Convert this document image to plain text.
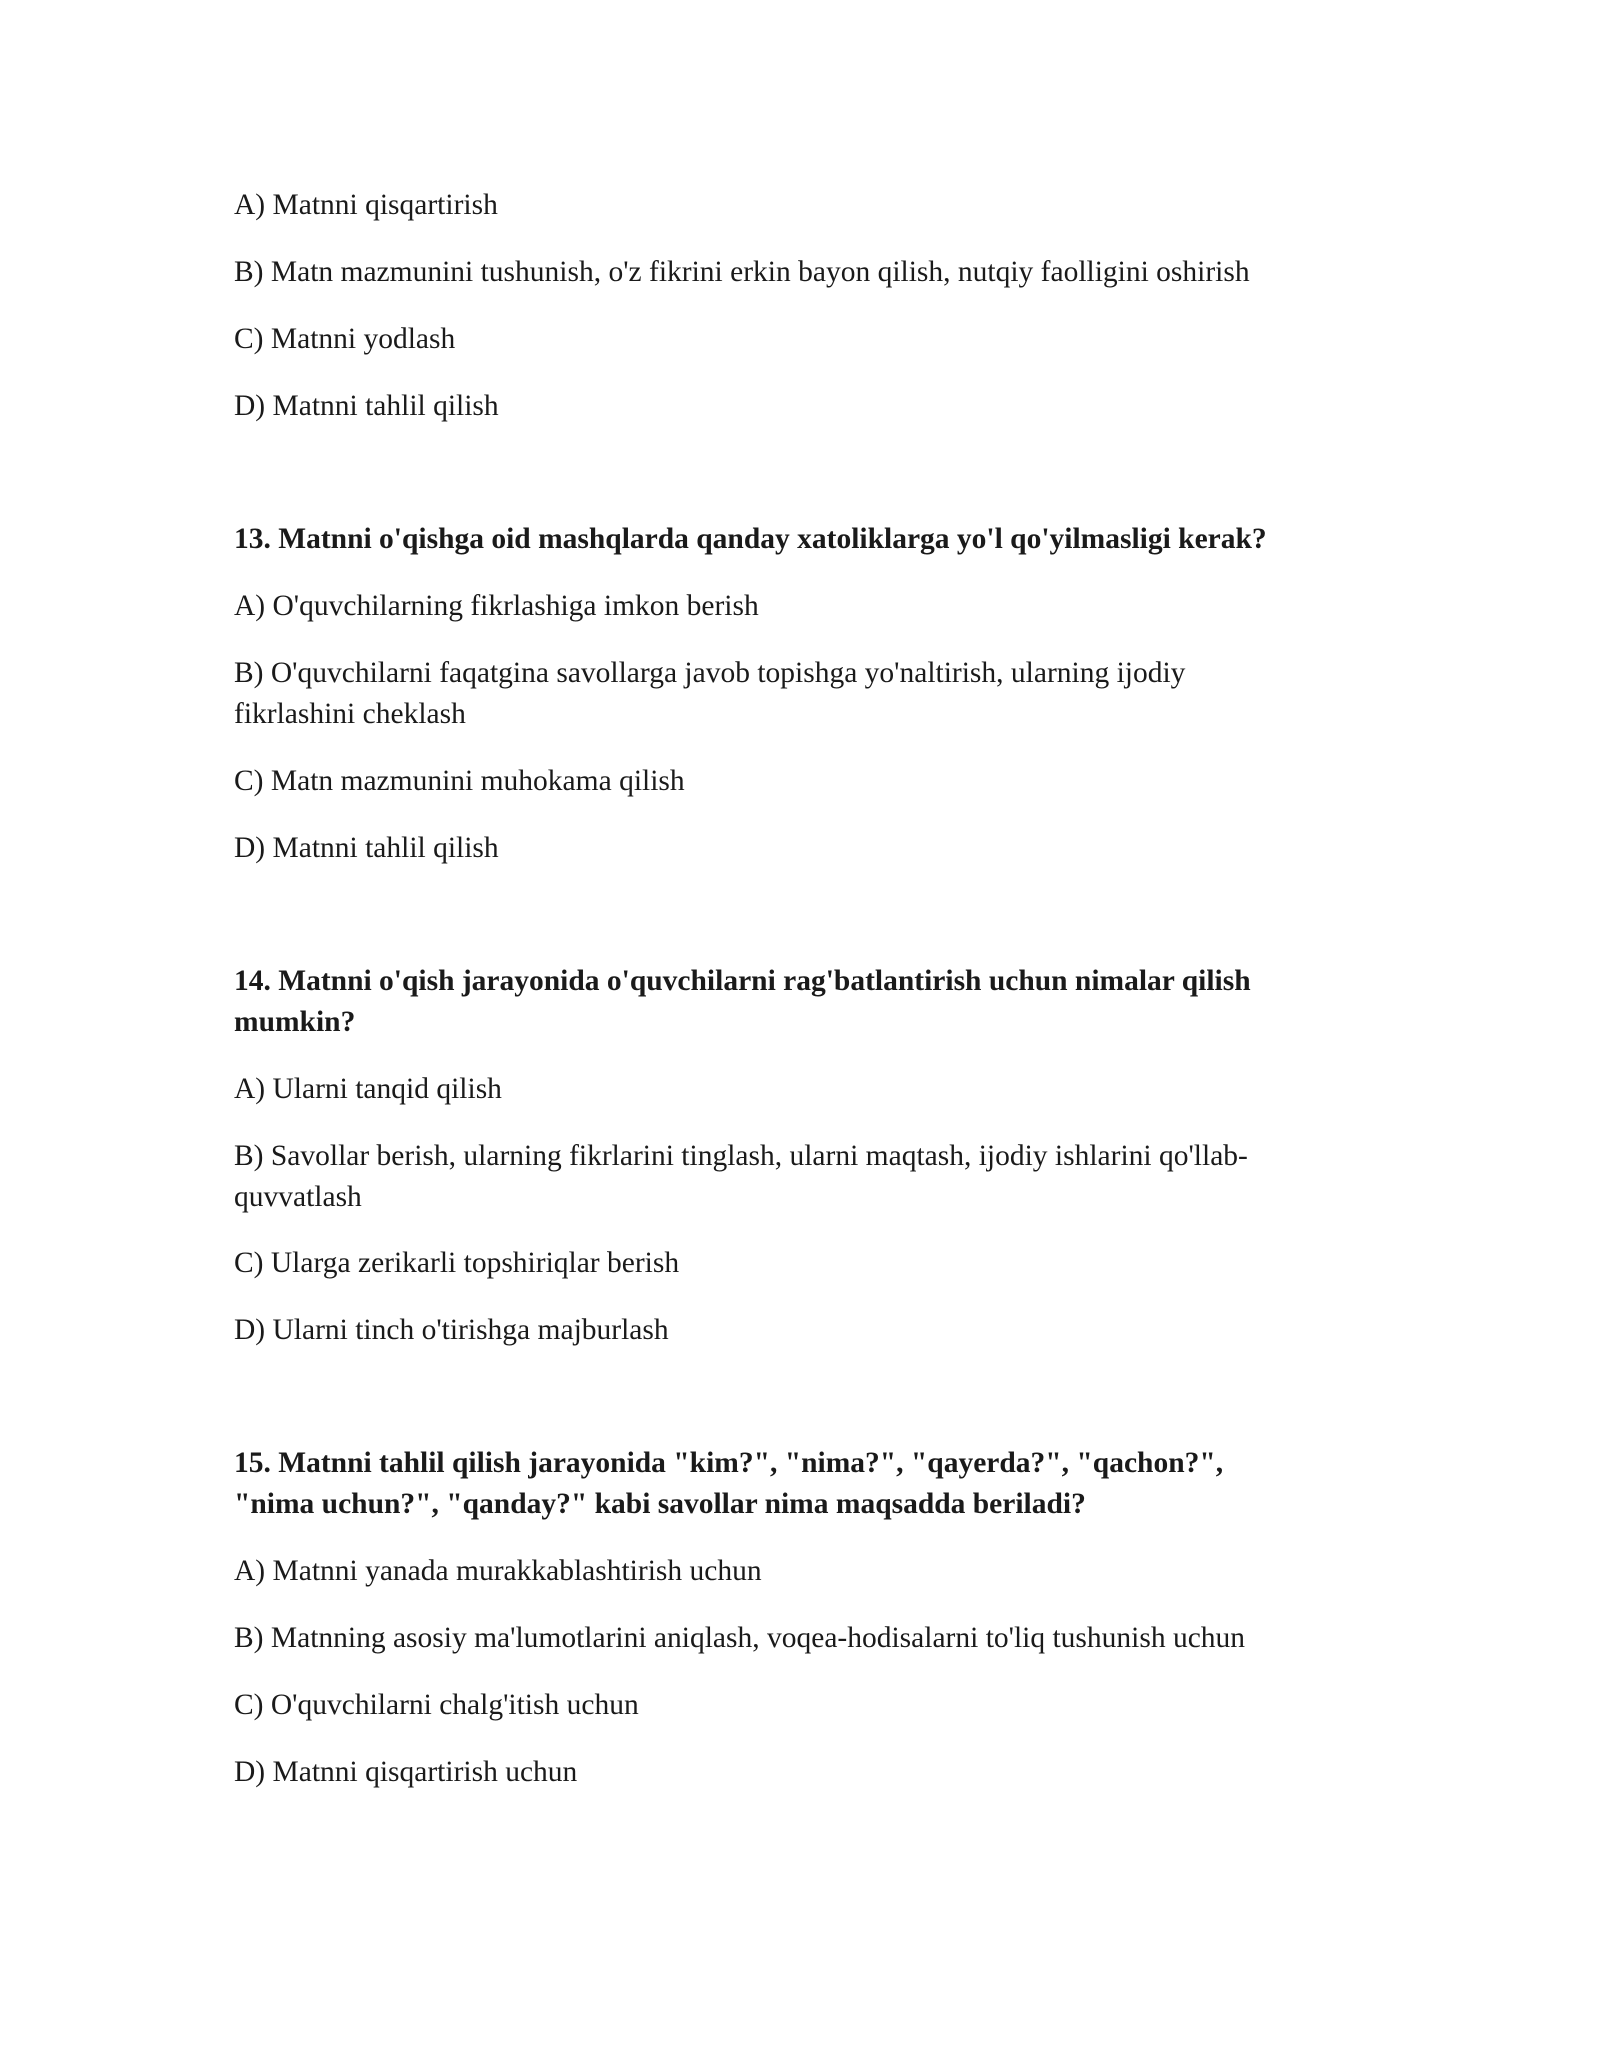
A) Matnni qisqartirish
B) Matn mazmunini tushunish, o'z fikrini erkin bayon qilish, nutqiy faolligini oshirish
C) Matnni yodlash
D) Matnni tahlil qilish
13. Matnni o'qishga oid mashqlarda qanday xatoliklarga yo'l qo'yilmasligi kerak?
A) O'quvchilarning fikrlashiga imkon berish
B) O'quvchilarni faqatgina savollarga javob topishga yo'naltirish, ularning ijodiy
fikrlashini cheklash
C) Matn mazmunini muhokama qilish
D) Matnni tahlil qilish
14. Matnni o'qish jarayonida o'quvchilarni rag'batlantirish uchun nimalar qilish
mumkin?
A) Ularni tanqid qilish
B) Savollar berish, ularning fikrlarini tinglash, ularni maqtash, ijodiy ishlarini qo'llab-
quvvatlash
C) Ularga zerikarli topshiriqlar berish
D) Ularni tinch o'tirishga majburlash
15. Matnni tahlil qilish jarayonida "kim?", "nima?", "qayerda?", "qachon?",
"nima uchun?", "qanday?" kabi savollar nima maqsadda beriladi?
A) Matnni yanada murakkablashtirish uchun
B) Matnning asosiy ma'lumotlarini aniqlash, voqea-hodisalarni to'liq tushunish uchun
C) O'quvchilarni chalg'itish uchun
D) Matnni qisqartirish uchun
